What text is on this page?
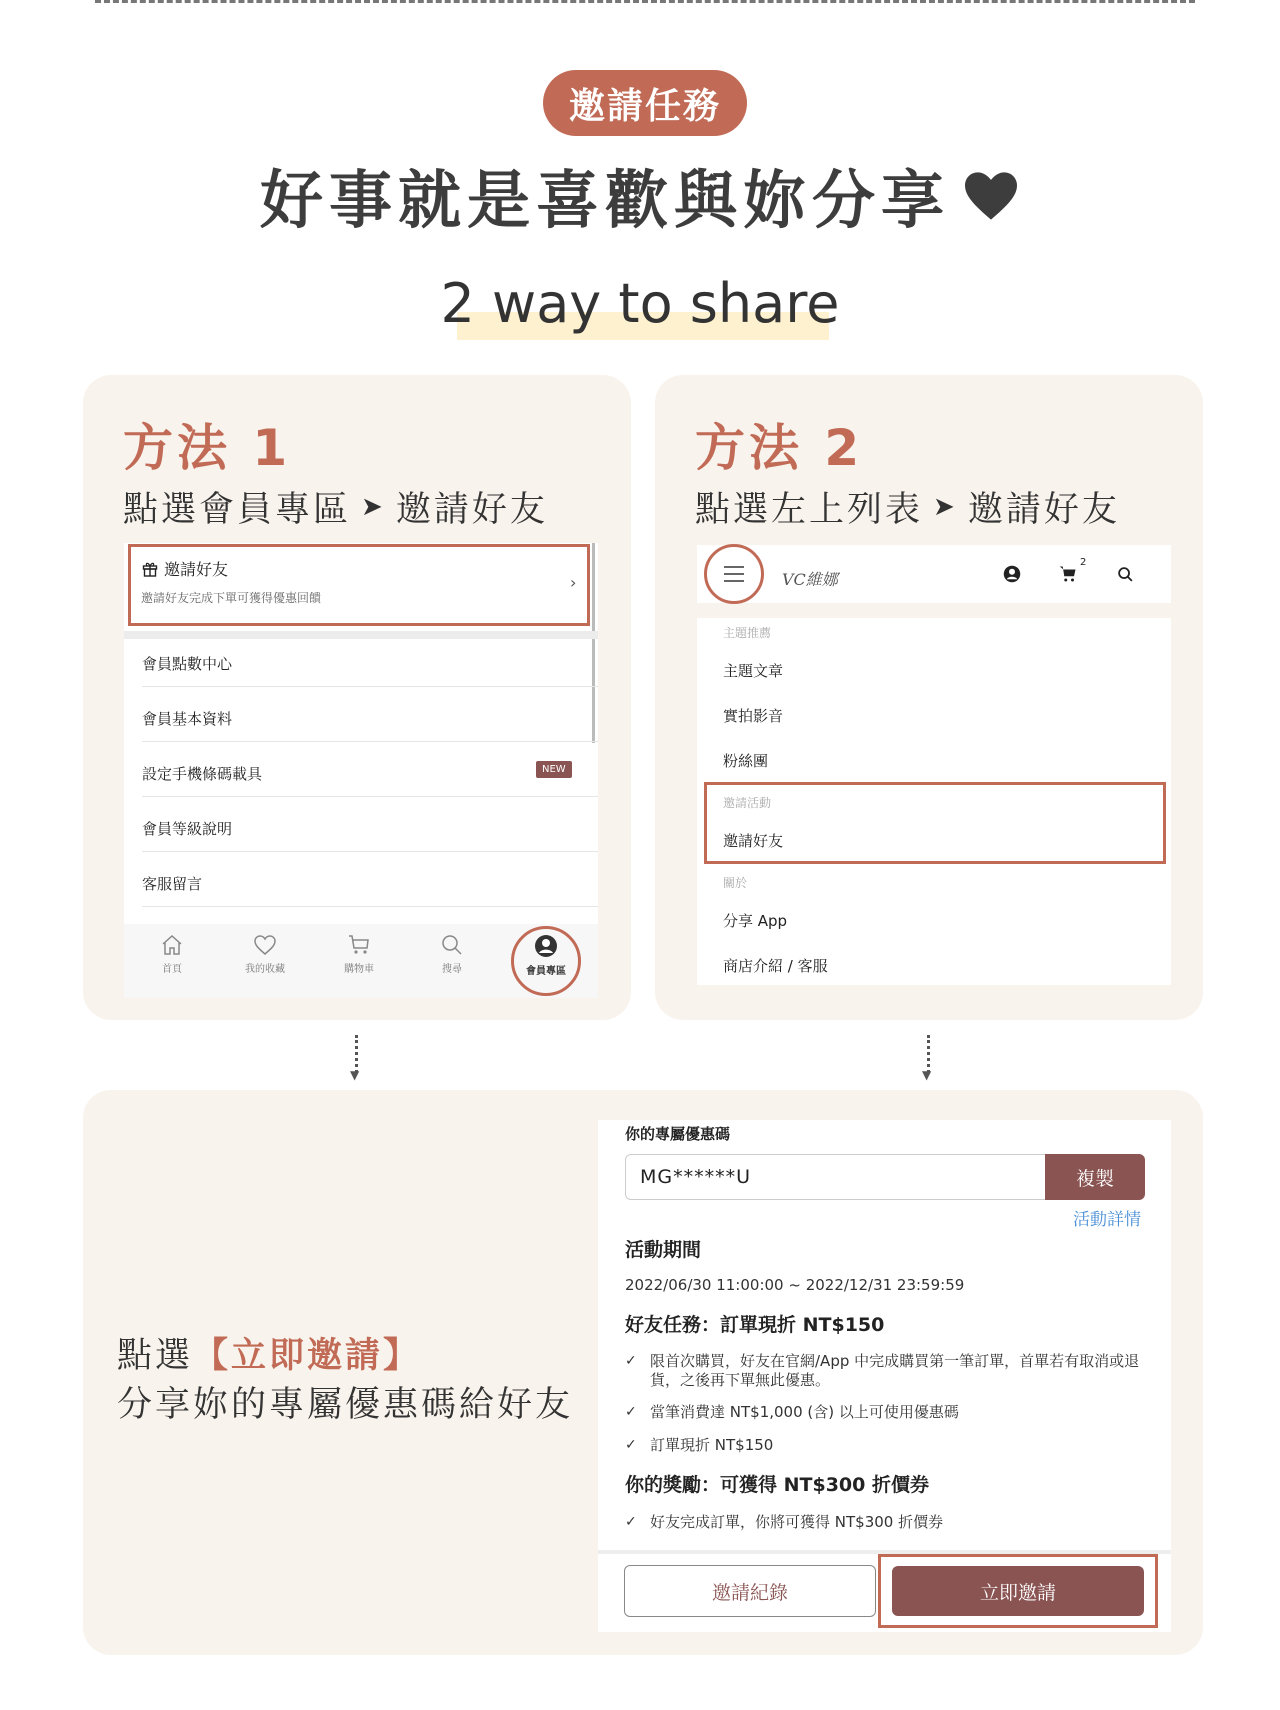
邀請任務
好事就是喜歡與妳分享
2 way to share
方法 1
點選會員專區 ➤ 邀請好友
邀請好友
邀請好友完成下單可獲得優惠回饋
›
會員點數中心
會員基本資料
設定手機條碼載具	NEW
會員等級說明
客服留言
首頁	我的收藏	購物車	搜尋	會員專區
方法 2
點選左上列表 ➤ 邀請好友
VC維娜
2
主題推薦
主題文章
實拍影音
粉絲團
邀請活動
邀請好友
關於
分享 App
商店介紹 / 客服
▼	▼
點選【立即邀請】
分享妳的專屬優惠碼給好友
你的專屬優惠碼
MG******U	複製
活動詳情
活動期間
2022/06/30 11:00:00 ~ 2022/12/31 23:59:59
好友任務：訂單現折 NT$150
✓ 限首次購買，好友在官網/App 中完成購買第一筆訂單，首單若有取消或退貨，之後再下單無此優惠。
✓ 當筆消費達 NT$1,000 (含) 以上可使用優惠碼
✓ 訂單現折 NT$150
你的獎勵：可獲得 NT$300 折價券
✓ 好友完成訂單，你將可獲得 NT$300 折價券
邀請紀錄	立即邀請
